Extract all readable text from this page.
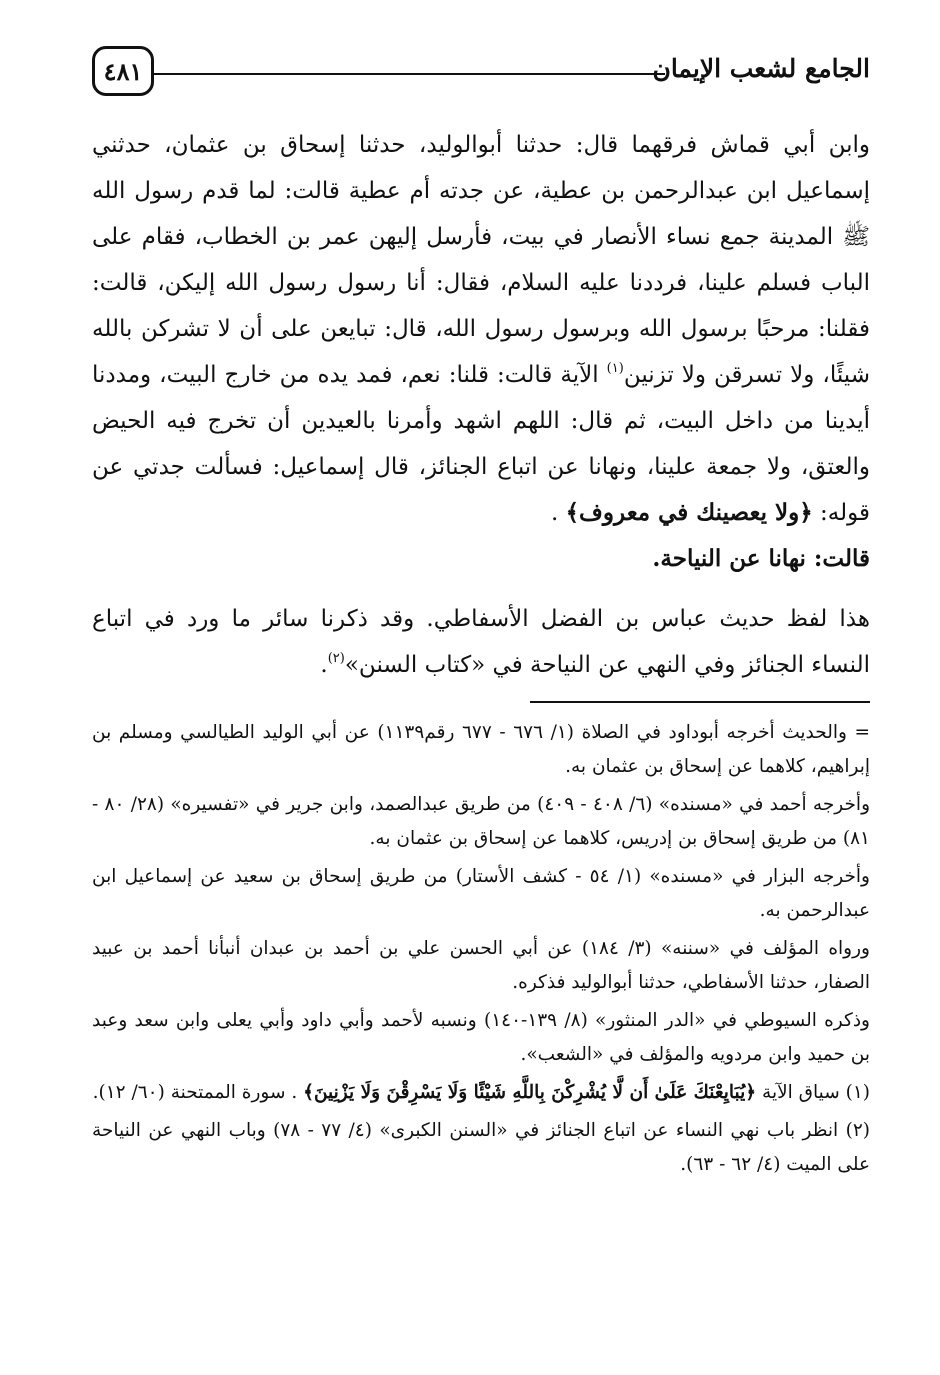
الجامع لشعب الإيمان
٤٨١

وابن أبي قماش فرقهما قال: حدثنا أبوالوليد، حدثنا إسحاق بن عثمان، حدثني إسماعيل ابن عبدالرحمن بن عطية، عن جدته أم عطية قالت: لما قدم رسول الله ﷺ المدينة جمع نساء الأنصار في بيت، فأرسل إليهن عمر بن الخطاب، فقام على الباب فسلم علينا، فرددنا عليه السلام، فقال: أنا رسول رسول الله إليكن، قالت: فقلنا: مرحبًا برسول الله وبرسول رسول الله، قال: تبايعن على أن لا تشركن بالله شيئًا، ولا تسرقن ولا تزنين$^{(١)}$ الآية قالت: قلنا: نعم، فمد يده من خارج البيت، ومددنا أيدينا من داخل البيت، ثم قال: اللهم اشهد وأمرنا بالعيدين أن تخرج فيه الحيض والعتق، ولا جمعة علينا، ونهانا عن اتباع الجنائز، قال إسماعيل: فسألت جدتي عن قوله: ﴿ولا يعصينك في معروف﴾ .
قالت: نهانا عن النياحة.

هذا لفظ حديث عباس بن الفضل الأسفاطي. وقد ذكرنا سائر ما ورد في اتباع النساء الجنائز وفي النهي عن النياحة في «كتاب السنن»$^{(٢)}$.

= والحديث أخرجه أبوداود في الصلاة (١/ ٦٧٦ - ٦٧٧ رقم١١٣٩) عن أبي الوليد الطيالسي ومسلم بن إبراهيم، كلاهما عن إسحاق بن عثمان به.

وأخرجه أحمد في «مسنده» (٦/ ٤٠٨ - ٤٠٩) من طريق عبدالصمد، وابن جرير في «تفسيره» (٢٨/ ٨٠ - ٨١) من طريق إسحاق بن إدريس، كلاهما عن إسحاق بن عثمان به.

وأخرجه البزار في «مسنده» (١/ ٥٤ - كشف الأستار) من طريق إسحاق بن سعيد عن إسماعيل ابن عبدالرحمن به.

ورواه المؤلف في «سننه» (٣/ ١٨٤) عن أبي الحسن علي بن أحمد بن عبدان أنبأنا أحمد بن عبيد الصفار، حدثنا الأسفاطي، حدثنا أبوالوليد فذكره.

وذكره السيوطي في «الدر المنثور» (٨/ ١٣٩-١٤٠) ونسبه لأحمد وأبي داود وأبي يعلى وابن سعد وعبد بن حميد وابن مردويه والمؤلف في «الشعب».

(١) سياق الآية ﴿يُبَايِعْنَكَ عَلَىٰ أَن لَّا يُشْرِكْنَ بِاللَّهِ شَيْئًا وَلَا يَسْرِقْنَ وَلَا يَزْنِينَ﴾ . سورة الممتحنة (٦٠/ ١٢).

(٢) انظر باب نهي النساء عن اتباع الجنائز في «السنن الكبرى» (٤/ ٧٧ - ٧٨) وباب النهي عن النياحة على الميت (٤/ ٦٢ - ٦٣).
